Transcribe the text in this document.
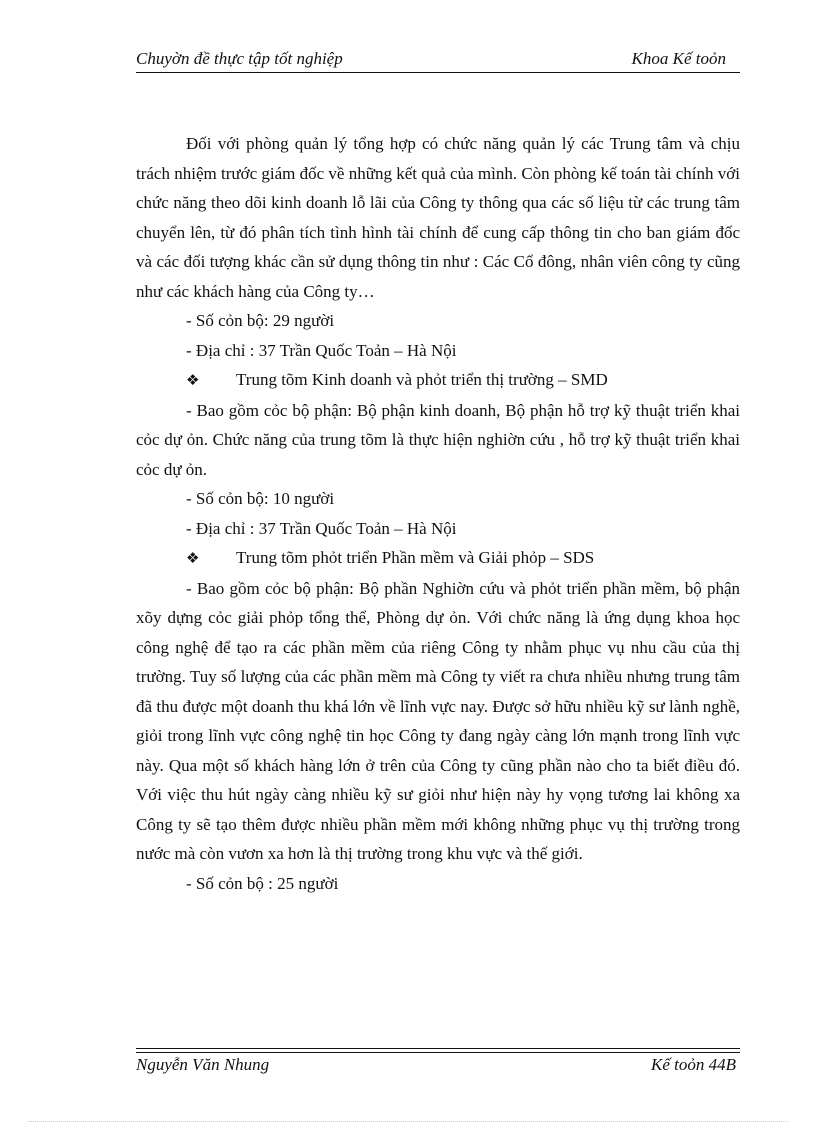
Chuyờn đề thực tập tốt nghiệp	Khoa Kế toỏn

Đối với phòng quản lý tổng hợp có chức năng quản lý các Trung tâm và chịu trách nhiệm trước giám đốc về những kết quả của mình. Còn phòng kế toán tài chính với chức năng theo dõi kinh doanh lỗ lãi của Công ty thông qua các số liệu từ các trung tâm chuyển lên, từ đó phân tích tình hình tài chính để cung cấp thông tin cho ban giám đốc và các đối tượng khác cần sử dụng thông tin như : Các Cổ đông, nhân viên công ty cũng như các khách hàng của Công ty…

- Số cỏn bộ: 29 người

- Địa chỉ : 37 Trần Quốc Toản – Hà Nội

❖ Trung tõm Kinh doanh và phỏt triển thị trường – SMD

- Bao gồm cỏc bộ phận: Bộ phận kinh doanh, Bộ phận hỗ trợ kỹ thuật triển khai cỏc dự ỏn. Chức năng của trung tõm là thực hiện nghiờn cứu , hỗ trợ kỹ thuật triển khai cỏc dự ỏn.

- Số cỏn bộ: 10 người

- Địa chỉ : 37 Trần Quốc Toản – Hà Nội

❖ Trung tõm phỏt triển Phần mềm và Giải phỏp – SDS

- Bao gồm cỏc bộ phận: Bộ phần Nghiờn cứu và phỏt triển phần mềm, bộ phận xõy dựng cỏc giải phỏp tổng thể, Phòng dự ỏn. Với chức năng là ứng dụng khoa học công nghệ để tạo ra các phần mềm của riêng Công ty nhằm phục vụ nhu cầu của thị trường. Tuy số lượng của các phần mềm mà Công ty viết ra chưa nhiều nhưng trung tâm đã thu được một doanh thu khá lớn về lĩnh vực nay. Được sở hữu nhiều kỹ sư lành nghề, giỏi trong lĩnh vực công nghệ tin học Công ty đang ngày càng lớn mạnh trong lĩnh vực này. Qua một số khách hàng lớn ở trên của Công ty cũng phần nào cho ta biết điều đó. Với việc thu hút ngày càng nhiều kỹ sư giỏi như hiện này hy vọng tương lai không xa Công ty sẽ tạo thêm được nhiều phần mềm mới không những phục vụ thị trường trong nước mà còn vươn xa hơn là thị trường trong khu vực và thế giới.

- Số cỏn bộ : 25 người

Nguyễn Văn Nhung	Kế toỏn 44B
